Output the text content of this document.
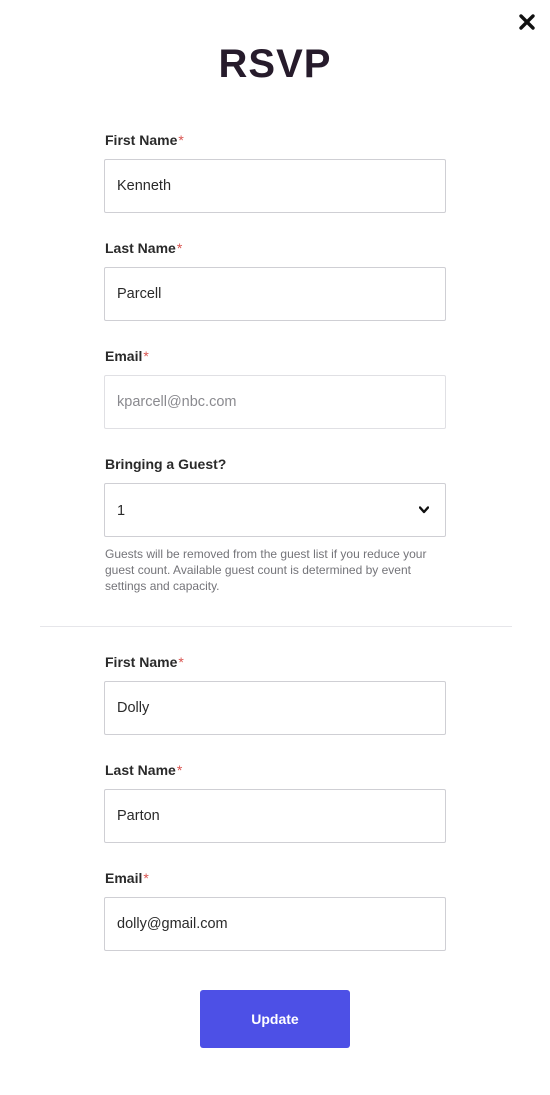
RSVP
First Name*
Kenneth
Last Name*
Parcell
Email*
kparcell@nbc.com
Bringing a Guest?
1

Guests will be removed from the guest list if you reduce your guest count. Available guest count is determined by event settings and capacity.

First Name*
Dolly
Last Name*
Parton
Email*
dolly@gmail.com
Update
